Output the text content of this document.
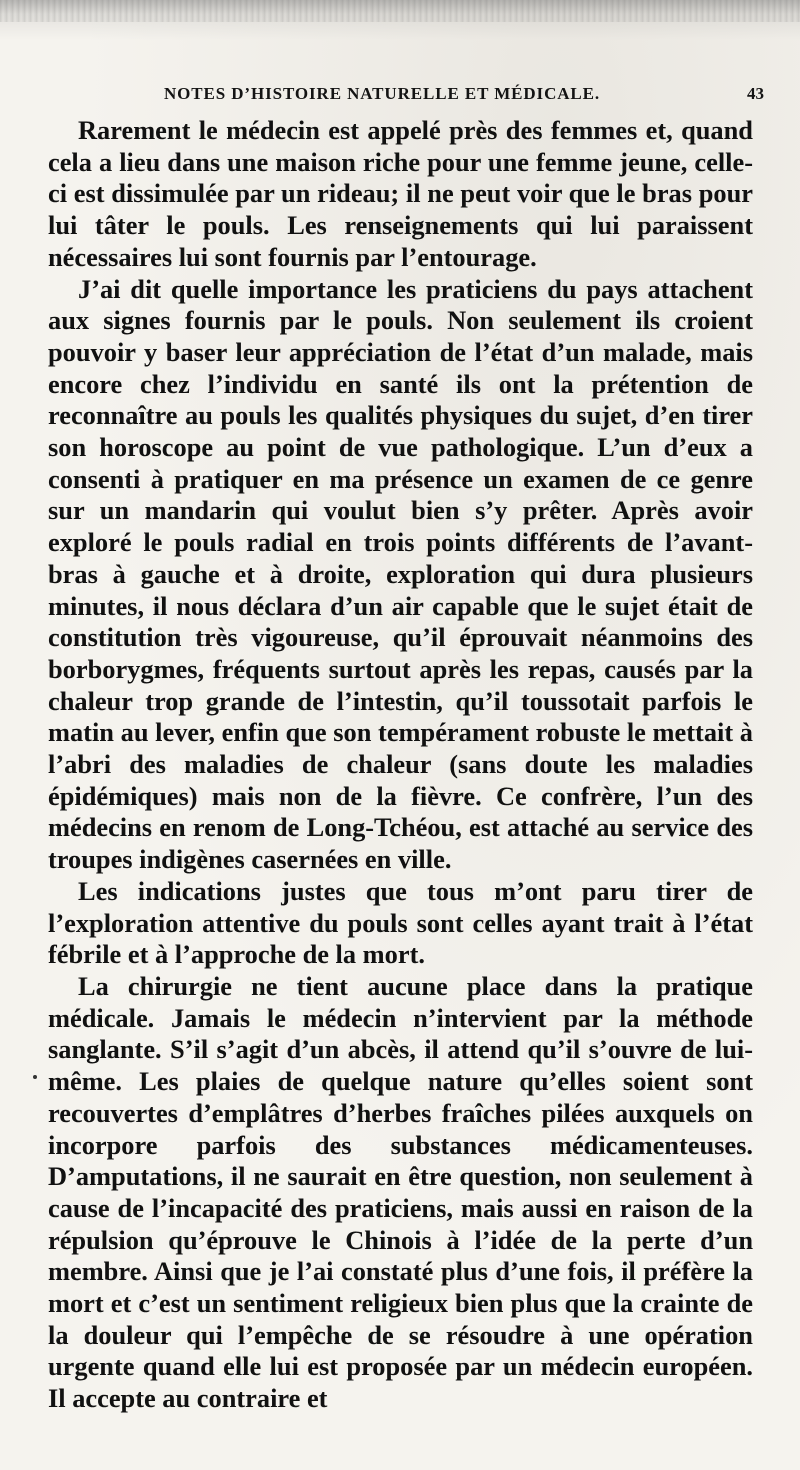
NOTES D’HISTOIRE NATURELLE ET MÉDICALE.	43

Rarement le médecin est appelé près des femmes et, quand cela a lieu dans une maison riche pour une femme jeune, celle-ci est dissimulée par un rideau; il ne peut voir que le bras pour lui tâter le pouls. Les renseignements qui lui paraissent nécessaires lui sont fournis par l’entourage.

J’ai dit quelle importance les praticiens du pays attachent aux signes fournis par le pouls. Non seulement ils croient pouvoir y baser leur appréciation de l’état d’un malade, mais encore chez l’individu en santé ils ont la prétention de reconnaître au pouls les qualités physiques du sujet, d’en tirer son horoscope au point de vue pathologique. L’un d’eux a consenti à pratiquer en ma présence un examen de ce genre sur un mandarin qui voulut bien s’y prêter. Après avoir exploré le pouls radial en trois points différents de l’avant-bras à gauche et à droite, exploration qui dura plusieurs minutes, il nous déclara d’un air capable que le sujet était de constitution très vigoureuse, qu’il éprouvait néanmoins des borborygmes, fréquents surtout après les repas, causés par la chaleur trop grande de l’intestin, qu’il toussotait parfois le matin au lever, enfin que son tempérament robuste le mettait à l’abri des maladies de chaleur (sans doute les maladies épidémiques) mais non de la fièvre. Ce confrère, l’un des médecins en renom de Long-Tchéou, est attaché au service des troupes indigènes casernées en ville.

Les indications justes que tous m’ont paru tirer de l’exploration attentive du pouls sont celles ayant trait à l’état fébrile et à l’approche de la mort.

La chirurgie ne tient aucune place dans la pratique médicale. Jamais le médecin n’intervient par la méthode sanglante. S’il s’agit d’un abcès, il attend qu’il s’ouvre de lui-même. Les plaies de quelque nature qu’elles soient sont recouvertes d’emplâtres d’herbes fraîches pilées auxquels on incorpore parfois des substances médicamenteuses. D’amputations, il ne saurait en être question, non seulement à cause de l’incapacité des praticiens, mais aussi en raison de la répulsion qu’éprouve le Chinois à l’idée de la perte d’un membre. Ainsi que je l’ai constaté plus d’une fois, il préfère la mort et c’est un sentiment religieux bien plus que la crainte de la douleur qui l’empêche de se résoudre à une opération urgente quand elle lui est proposée par un médecin européen. Il accepte au contraire et
